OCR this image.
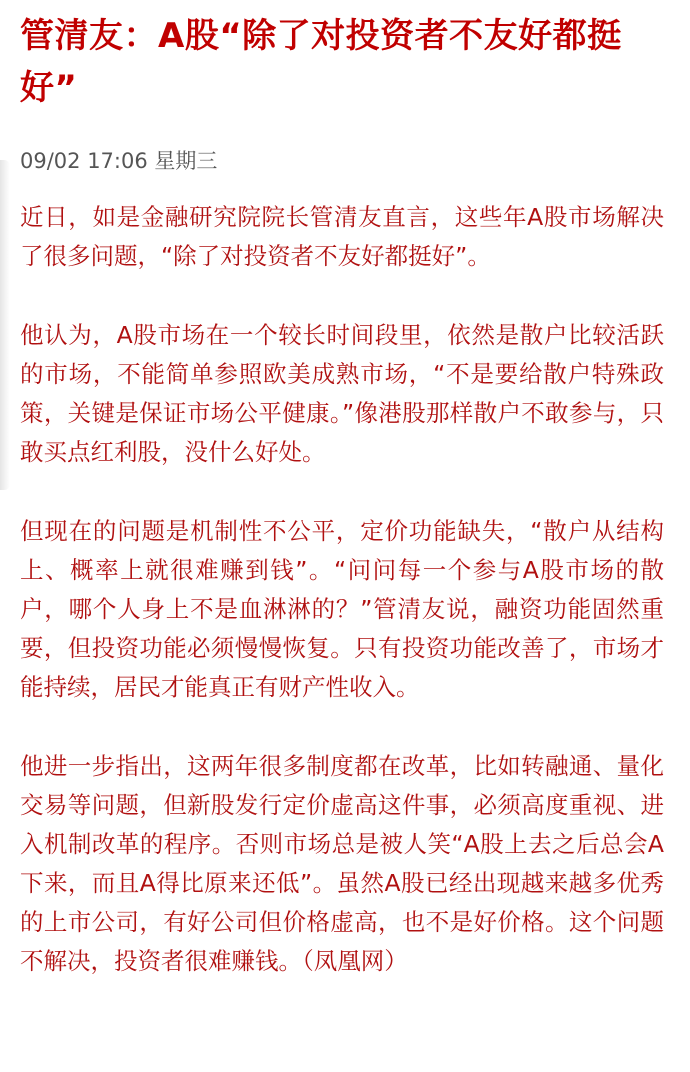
管清友：A股“除了对投资者不友好都挺好”
09/02 17:06 星期三

近日，如是金融研究院院长管清友直言，这些年A股市场解决了很多问题，“除了对投资者不友好都挺好”。

他认为，A股市场在一个较长时间段里，依然是散户比较活跃的市场，不能简单参照欧美成熟市场，“不是要给散户特殊政策，关键是保证市场公平健康。”像港股那样散户不敢参与，只敢买点红利股，没什么好处。

但现在的问题是机制性不公平，定价功能缺失，“散户从结构上、概率上就很难赚到钱”。“问问每一个参与A股市场的散户，哪个人身上不是血淋淋的？”管清友说，融资功能固然重要，但投资功能必须慢慢恢复。只有投资功能改善了，市场才能持续，居民才能真正有财产性收入。

他进一步指出，这两年很多制度都在改革，比如转融通、量化交易等问题，但新股发行定价虚高这件事，必须高度重视、进入机制改革的程序。否则市场总是被人笑“A股上去之后总会A下来，而且A得比原来还低”。虽然A股已经出现越来越多优秀的上市公司，有好公司但价格虚高，也不是好价格。这个问题不解决，投资者很难赚钱。（凤凰网）
